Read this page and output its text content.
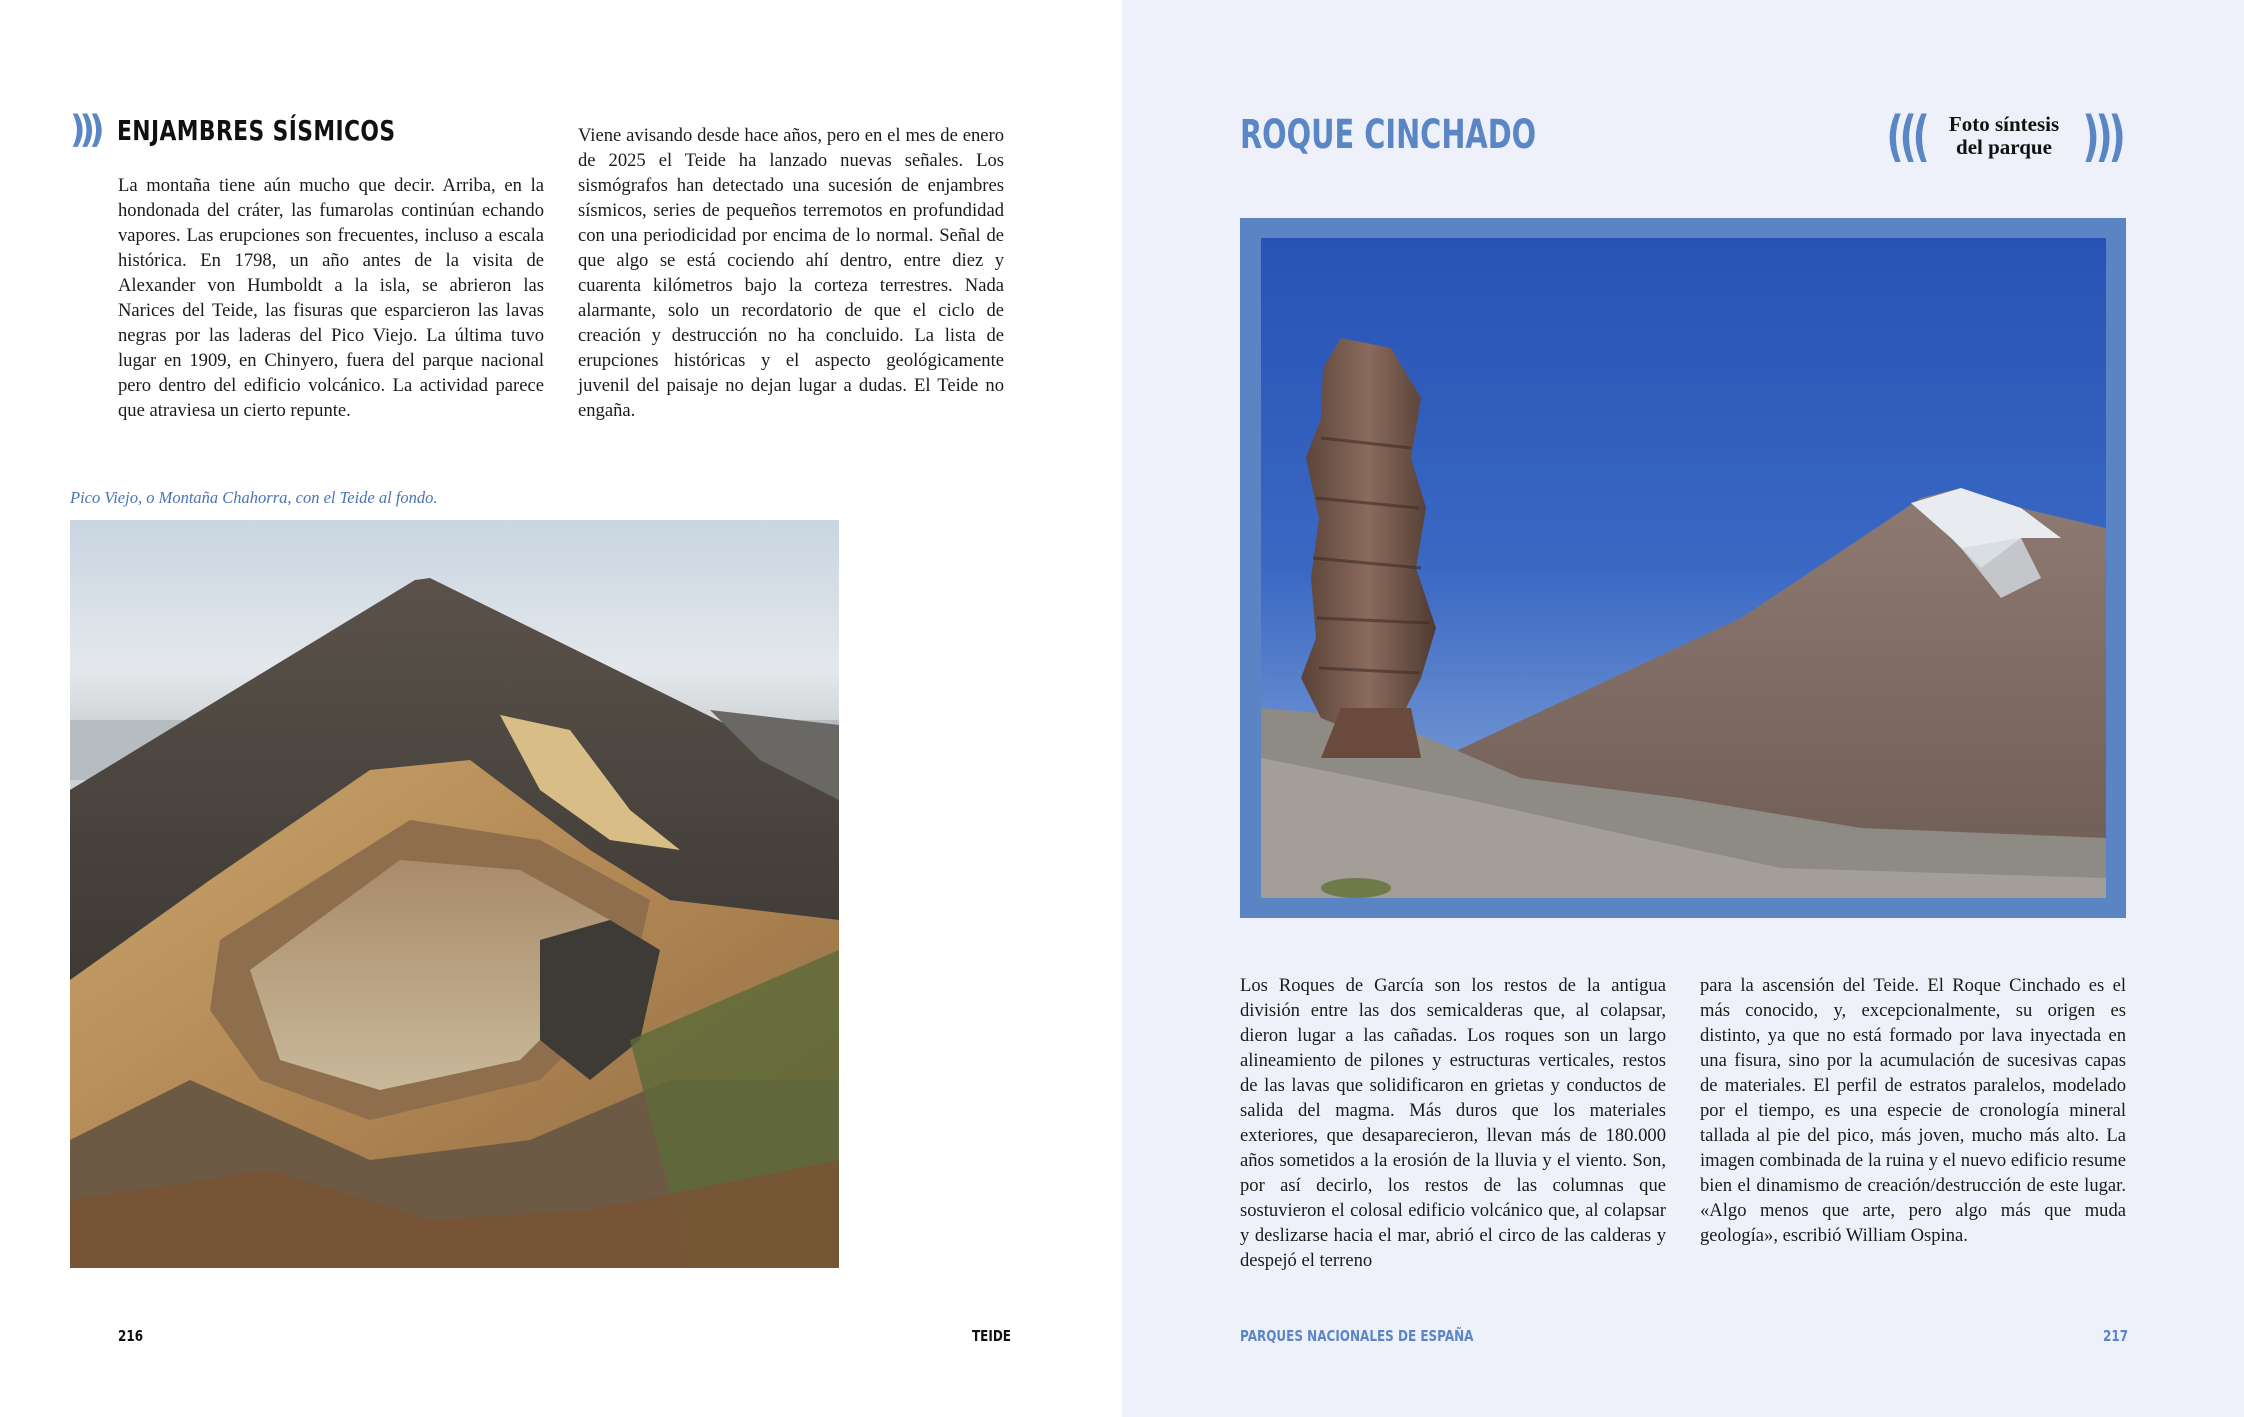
))) ENJAMBRES SÍSMICOS
La montaña tiene aún mucho que decir. Arriba, en la hondonada del cráter, las fumarolas continúan echando vapores. Las erupciones son frecuentes, incluso a escala histórica. En 1798, un año antes de la visita de Alexander von Humboldt a la isla, se abrieron las Narices del Teide, las fisuras que esparcieron las lavas negras por las laderas del Pico Viejo. La última tuvo lugar en 1909, en Chinyero, fuera del parque nacional pero dentro del edificio volcánico. La actividad parece que atraviesa un cierto repunte.
Viene avisando desde hace años, pero en el mes de enero de 2025 el Teide ha lanzado nuevas señales. Los sismógrafos han detectado una sucesión de enjambres sísmicos, series de pequeños terremotos en profundidad con una periodicidad por encima de lo normal. Señal de que algo se está cociendo ahí dentro, entre diez y cuarenta kilómetros bajo la corteza terrestres. Nada alarmante, solo un recordatorio de que el ciclo de creación y destrucción no ha concluido. La lista de erupciones históricas y el aspecto geológicamente juvenil del paisaje no dejan lugar a dudas. El Teide no engaña.
Pico Viejo, o Montaña Chahorra, con el Teide al fondo.
216	TEIDE
ROQUE CINCHADO	((( Foto síntesis
del parque )))
Los Roques de García son los restos de la antigua división entre las dos semicalderas que, al colapsar, dieron lugar a las cañadas. Los roques son un largo alineamiento de pilones y estructuras verticales, restos de las lavas que solidificaron en grietas y conductos de salida del magma. Más duros que los materiales exteriores, que desaparecieron, llevan más de 180.000 años sometidos a la erosión de la lluvia y el viento. Son, por así decirlo, los restos de las columnas que sostuvieron el colosal edificio volcánico que, al colapsar y deslizarse hacia el mar, abrió el circo de las calderas y despejó el terreno
para la ascensión del Teide. El Roque Cinchado es el más conocido, y, excepcionalmente, su origen es distinto, ya que no está formado por lava inyectada en una fisura, sino por la acumulación de sucesivas capas de materiales. El perfil de estratos paralelos, modelado por el tiempo, es una especie de cronología mineral tallada al pie del pico, más joven, mucho más alto. La imagen combinada de la ruina y el nuevo edificio resume bien el dinamismo de creación/destrucción de este lugar. «Algo menos que arte, pero algo más que muda geología», escribió William Ospina.
PARQUES NACIONALES DE ESPAÑA	217
